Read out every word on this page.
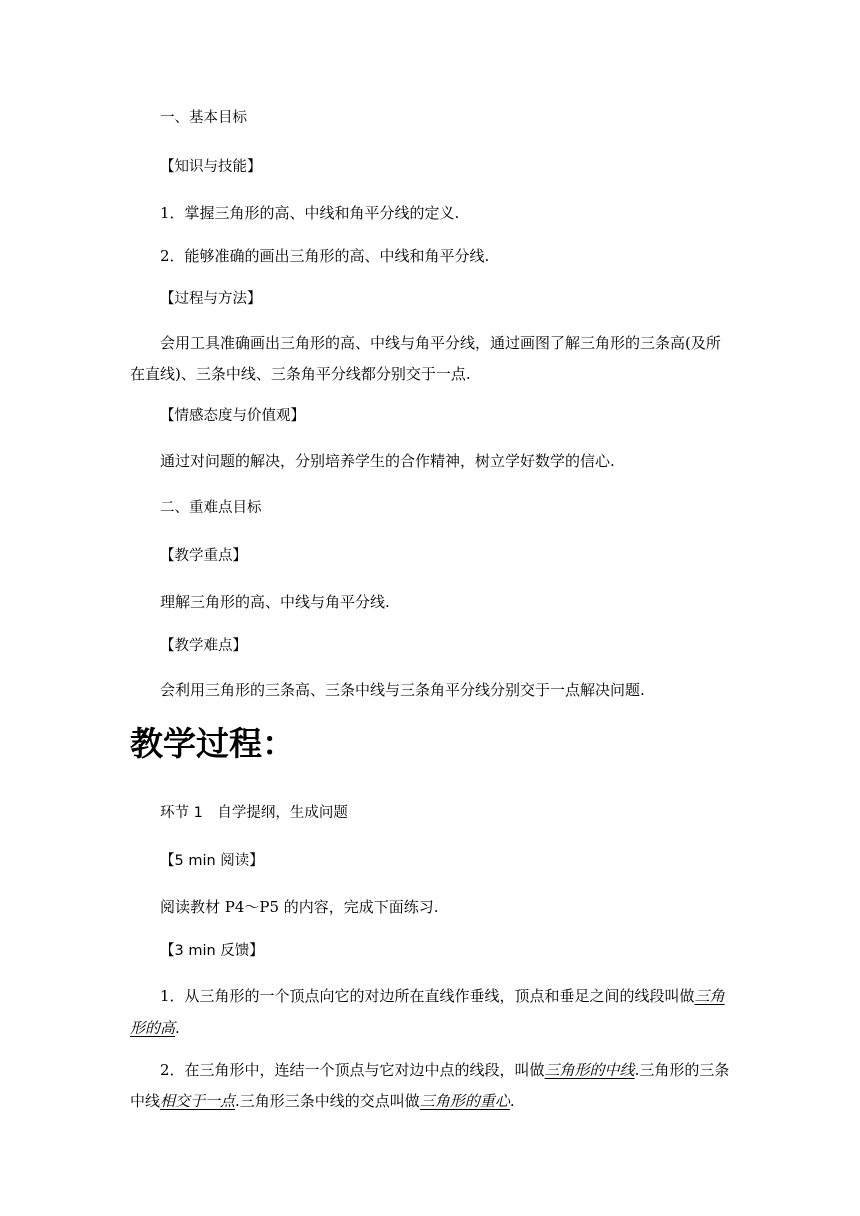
一、基本目标
【知识与技能】
1．掌握三角形的高、中线和角平分线的定义.
2．能够准确的画出三角形的高、中线和角平分线.
【过程与方法】
会用工具准确画出三角形的高、中线与角平分线，通过画图了解三角形的三条高(及所
在直线)、三条中线、三条角平分线都分别交于一点.
【情感态度与价值观】
通过对问题的解决，分别培养学生的合作精神，树立学好数学的信心.
二、重难点目标
【教学重点】
理解三角形的高、中线与角平分线.
【教学难点】
会利用三角形的三条高、三条中线与三条角平分线分别交于一点解决问题.
教学过程：
环节 1　自学提纲，生成问题
【5 min 阅读】
阅读教材 P4～P5 的内容，完成下面练习.
【3 min 反馈】
1．从三角形的一个顶点向它的对边所在直线作垂线，顶点和垂足之间的线段叫做三角
形的高.
2．在三角形中，连结一个顶点与它对边中点的线段，叫做三角形的中线.三角形的三条
中线相交于一点.三角形三条中线的交点叫做三角形的重心.
